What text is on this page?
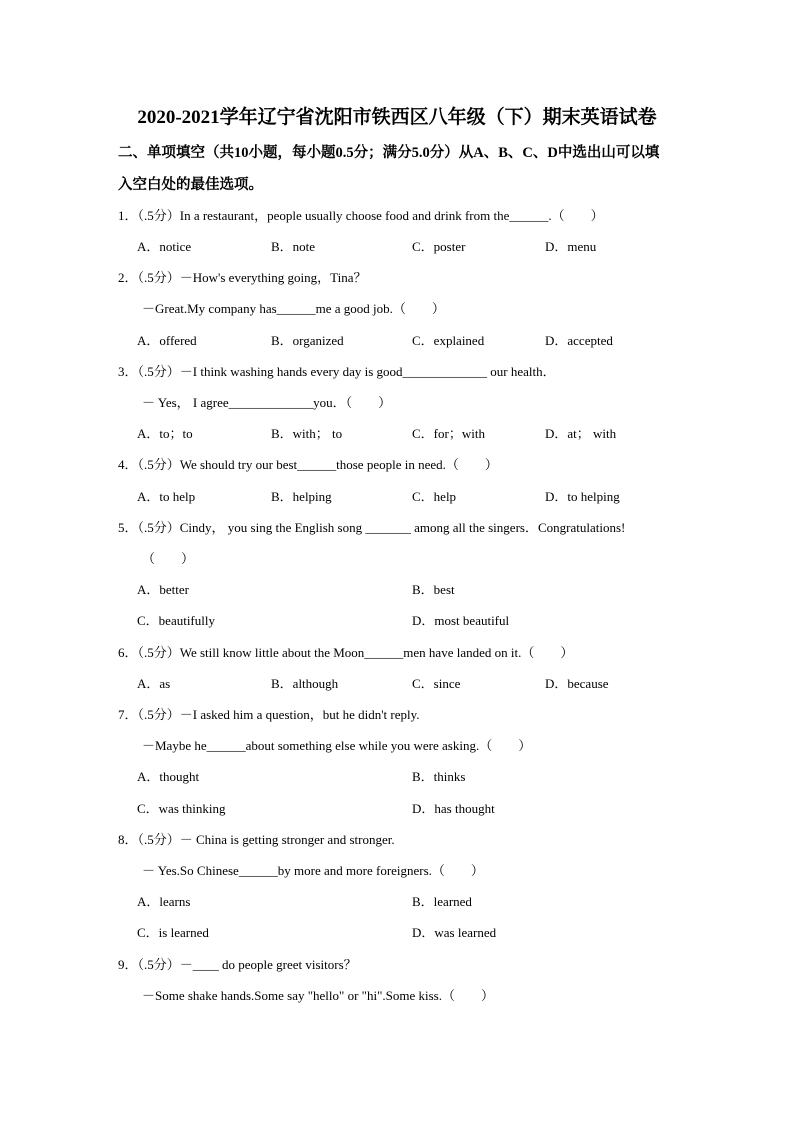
2020-2021学年辽宁省沈阳市铁西区八年级（下）期末英语试卷
二、单项填空（共10小题，每小题0.5分；满分5.0分）从A、B、C、D中选出山可以填
入空白处的最佳选项。
1．（.5分）In a restaurant，people usually choose food and drink from the______.（　　）
A．notice	B．note	C．poster	D．menu
2．（.5分）－How's everything going，Tina？
－Great.My company has______me a good job.（　　）
A．offered	B．organized	C．explained	D．accepted
3．（.5分）－I think washing hands every day is good_____________ our health．
－ Yes， I agree_____________you．（　　）
A．to；to	B．with； to	C．for；with	D．at； with
4．（.5分）We should try our best______those people in need.（　　）
A．to help	B．helping	C．help	D．to helping
5．（.5分）Cindy， you sing the English song _______ among all the singers．Congratulations!
（　　）
A．better	B．best
C．beautifully	D．most beautiful
6．（.5分）We still know little about the Moon______men have landed on it.（　　）
A．as	B．although	C．since	D．because
7．（.5分）－I asked him a question，but he didn't reply.
－Maybe he______about something else while you were asking.（　　）
A．thought	B．thinks
C．was thinking	D．has thought
8．（.5分）－ China is getting stronger and stronger.
－ Yes.So Chinese______by more and more foreigners.（　　）
A．learns	B．learned
C．is learned	D．was learned
9．（.5分）－____ do people greet visitors？
－Some shake hands.Some say "hello" or "hi".Some kiss.（　　）
